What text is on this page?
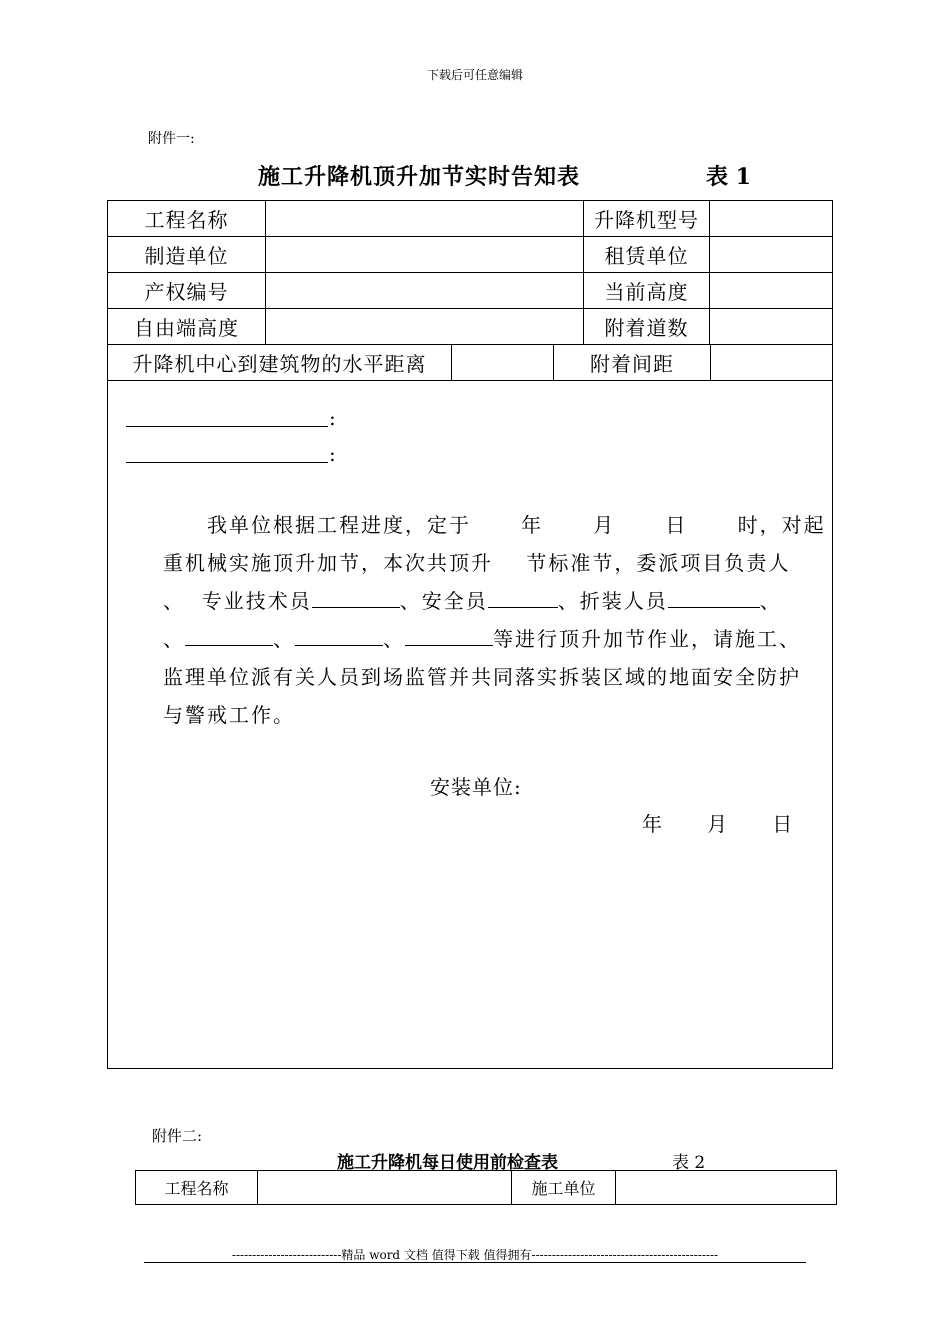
下载后可任意编辑
附件一:
施工升降机顶升加节实时告知表	表 1
工程名称	升降机型号
制造单位	租赁单位
产权编号	当前高度
自由端高度	附着道数
升降机中心到建筑物的水平距离	附着间距
:
:
我单位根据工程进度，定于      年      月      日      时，对起
重机械实施顶升加节，本次共顶升    节标准节，委派项目负责人
、  专业技术员	、安全员	、折装人员	、
、	、	、	等进行顶升加节作业，请施工、
监理单位派有关人员到场监管并共同落实拆装区域的地面安全防护
与警戒工作。
安装单位:
年      月      日
附件二:
施工升降机每日使用前检查表	表 2
工程名称	施工单位
---------------------------精品 word 文档 值得下载 值得拥有----------------------------------------------
